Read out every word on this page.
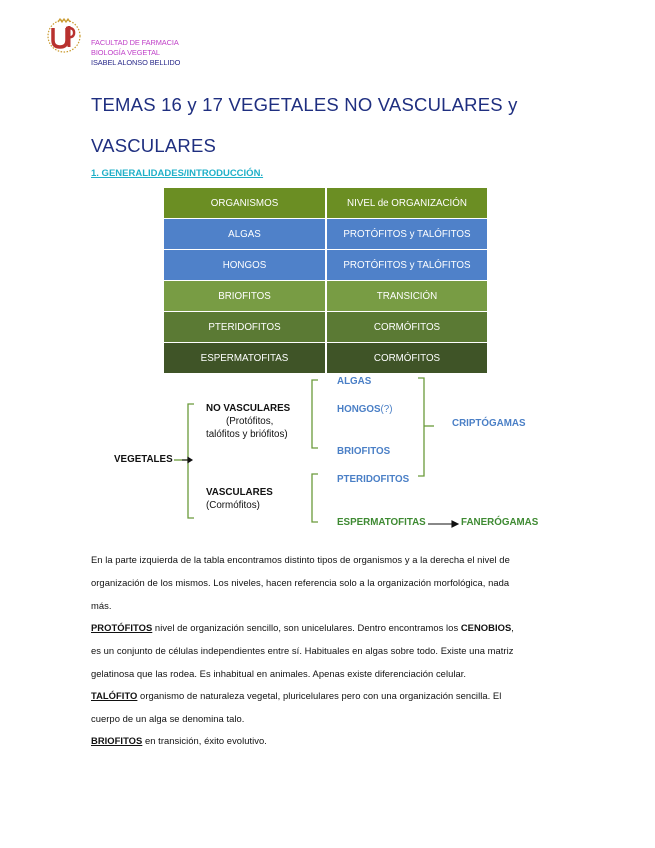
FACULTAD DE FARMACIA
BIOLOGÍA VEGETAL
ISABEL ALONSO BELLIDO
TEMAS 16 y 17 VEGETALES NO VASCULARES y
VASCULARES
1. GENERALIDADES/INTRODUCCIÓN.
ORGANISMOS	NIVEL de ORGANIZACIÓN
ALGAS	PROTÓFITOS y TALÓFITOS
HONGOS	PROTÓFITOS y TALÓFITOS
BRIOFITOS	TRANSICIÓN
PTERIDOFITOS	CORMÓFITOS
ESPERMATOFITAS	CORMÓFITOS
VEGETALES
NO VASCULARES
(Protófitos,
talófitos y briófitos)
VASCULARES
(Cormófitos)
ALGAS
HONGOS(?)
BRIOFITOS
PTERIDOFITOS
ESPERMATOFITAS
CRIPTÓGAMAS
FANERÓGAMAS
En la parte izquierda de la tabla encontramos distinto tipos de organismos y a la derecha el nivel de
organización de los mismos. Los niveles, hacen referencia solo a la organización morfológica, nada
más.
PROTÓFITOS nivel de organización sencillo, son unicelulares. Dentro encontramos los CENOBIOS,
es un conjunto de células independientes entre sí. Habituales en algas sobre todo. Existe una matriz
gelatinosa que las rodea. Es inhabitual en animales. Apenas existe diferenciación celular.
TALÓFITO organismo de naturaleza vegetal, pluricelulares pero con una organización sencilla. El
cuerpo de un alga se denomina talo.
BRIOFITOS en transición, éxito evolutivo.
